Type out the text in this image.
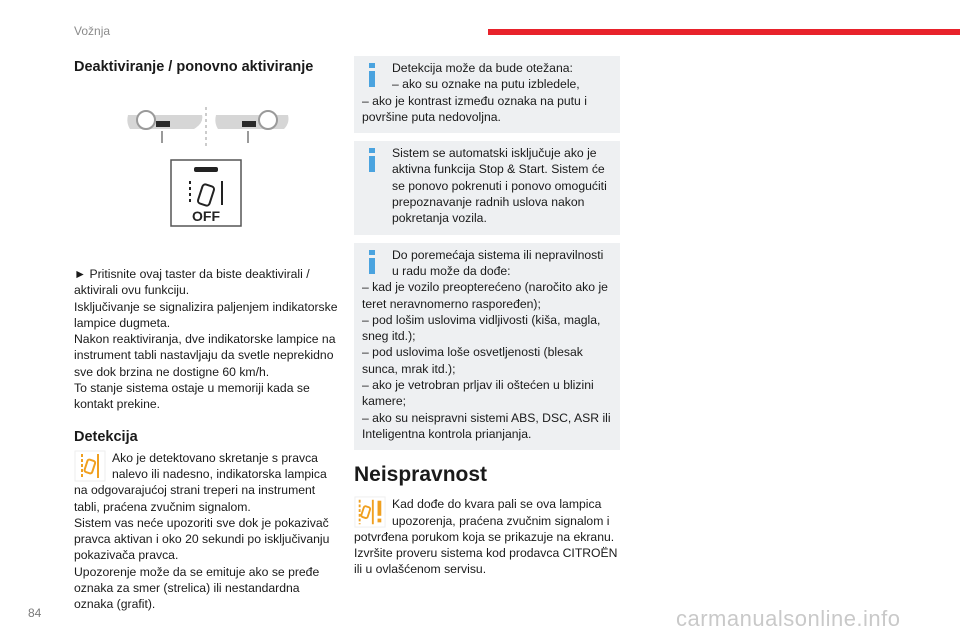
Vožnja
Deaktiviranje / ponovno aktiviranje
OFF

► Pritisnite ovaj taster da biste deaktivirali / aktivirali ovu funkciju.

Isključivanje se signalizira paljenjem indikatorske lampice dugmeta.

Nakon reaktiviranja, dve indikatorske lampice na instrument tabli nastavljaju da svetle neprekidno sve dok brzina ne dostigne 60 km/h.

To stanje sistema ostaje u memoriji kada se kontakt prekine.

Detekcija

Ako je detektovano skretanje s pravca nalevo ili nadesno, indikatorska lampica na odgovarajućoj strani treperi na instrument tabli, praćena zvučnim signalom.

Sistem vas neće upozoriti sve dok je pokazivač pravca aktivan i oko 20 sekundi po isključivanju pokazivača pravca.

Upozorenje može da se emituje ako se pređe oznaka za smer (strelica) ili nestandardna oznaka (grafit).

Detekcija može da bude otežana:
– ako su oznake na putu izbledele,
– ako je kontrast između oznaka na putu i površine puta nedovoljna.
Sistem se automatski isključuje ako je aktivna funkcija Stop & Start. Sistem će se ponovo pokrenuti i ponovo omogućiti prepoznavanje radnih uslova nakon pokretanja vozila.
Do poremećaja sistema ili nepravilnosti u radu može da dođe:
– kad je vozilo preopterećeno (naročito ako je teret neravnomerno raspoređen);
– pod lošim uslovima vidljivosti (kiša, magla, sneg itd.);
– pod uslovima loše osvetljenosti (blesak sunca, mrak itd.);
– ako je vetrobran prljav ili oštećen u blizini kamere;
– ako su neispravni sistemi ABS, DSC, ASR ili Inteligentna kontrola prianjanja.
Neispravnost

Kad dođe do kvara pali se ova lampica upozorenja, praćena zvučnim signalom i potvrđena porukom koja se prikazuje na ekranu. Izvršite proveru sistema kod prodavca CITROËN ili u ovlašćenom servisu.

84	carmanualsonline.info
